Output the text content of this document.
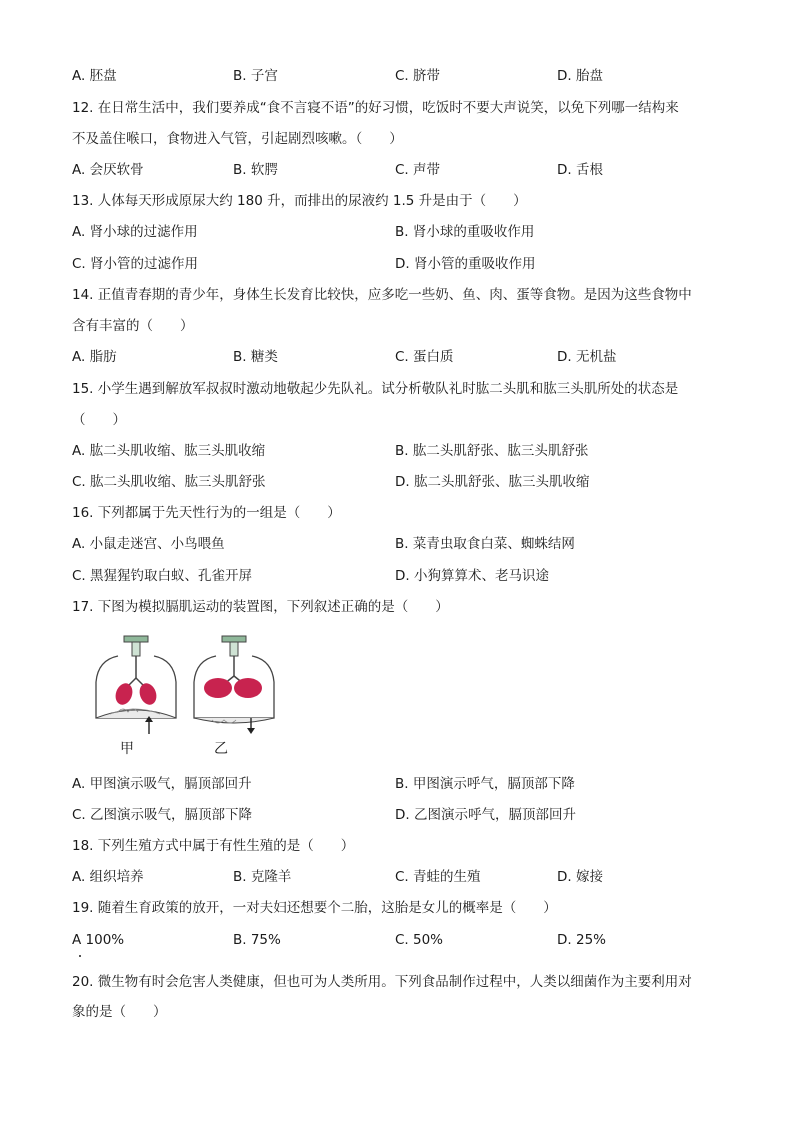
A. 胚盘	B. 子宫	C. 脐带	D. 胎盘
12. 在日常生活中，我们要养成“食不言寝不语”的好习惯，吃饭时不要大声说笑，以免下列哪一结构来
不及盖住喉口，食物进入气管，引起剧烈咳嗽。（　　）
A. 会厌软骨	B. 软腭	C. 声带	D. 舌根
13. 人体每天形成原尿大约 180 升，而排出的尿液约 1.5 升是由于（　　）
A. 肾小球的过滤作用	B. 肾小球的重吸收作用
C. 肾小管的过滤作用	D. 肾小管的重吸收作用
14. 正值青春期的青少年，身体生长发育比较快，应多吃一些奶、鱼、肉、蛋等食物。是因为这些食物中
含有丰富的（　　）
A. 脂肪	B. 糖类	C. 蛋白质	D. 无机盐
15. 小学生遇到解放军叔叔时激动地敬起少先队礼。试分析敬队礼时肱二头肌和肱三头肌所处的状态是
（　　）
A. 肱二头肌收缩、肱三头肌收缩	B. 肱二头肌舒张、肱三头肌舒张
C. 肱二头肌收缩、肱三头肌舒张	D. 肱二头肌舒张、肱三头肌收缩
16. 下列都属于先天性行为的一组是（　　）
A. 小鼠走迷宫、小鸟喂鱼	B. 菜青虫取食白菜、蜘蛛结网
C. 黑猩猩钓取白蚁、孔雀开屏	D. 小狗算算术、老马识途
17. 下图为模拟膈肌运动的装置图，下列叙述正确的是（　　）
甲	乙
A. 甲图演示吸气，膈顶部回升	B. 甲图演示呼气，膈顶部下降
C. 乙图演示吸气，膈顶部下降	D. 乙图演示呼气，膈顶部回升
18. 下列生殖方式中属于有性生殖的是（　　）
A. 组织培养	B. 克隆羊	C. 青蛙的生殖	D. 嫁接
19. 随着生育政策的放开，一对夫妇还想要个二胎，这胎是女儿的概率是（　　）
A 100%	B. 75%	C. 50%	D. 25%
20. 微生物有时会危害人类健康，但也可为人类所用。下列食品制作过程中，人类以细菌作为主要利用对
象的是（　　）
